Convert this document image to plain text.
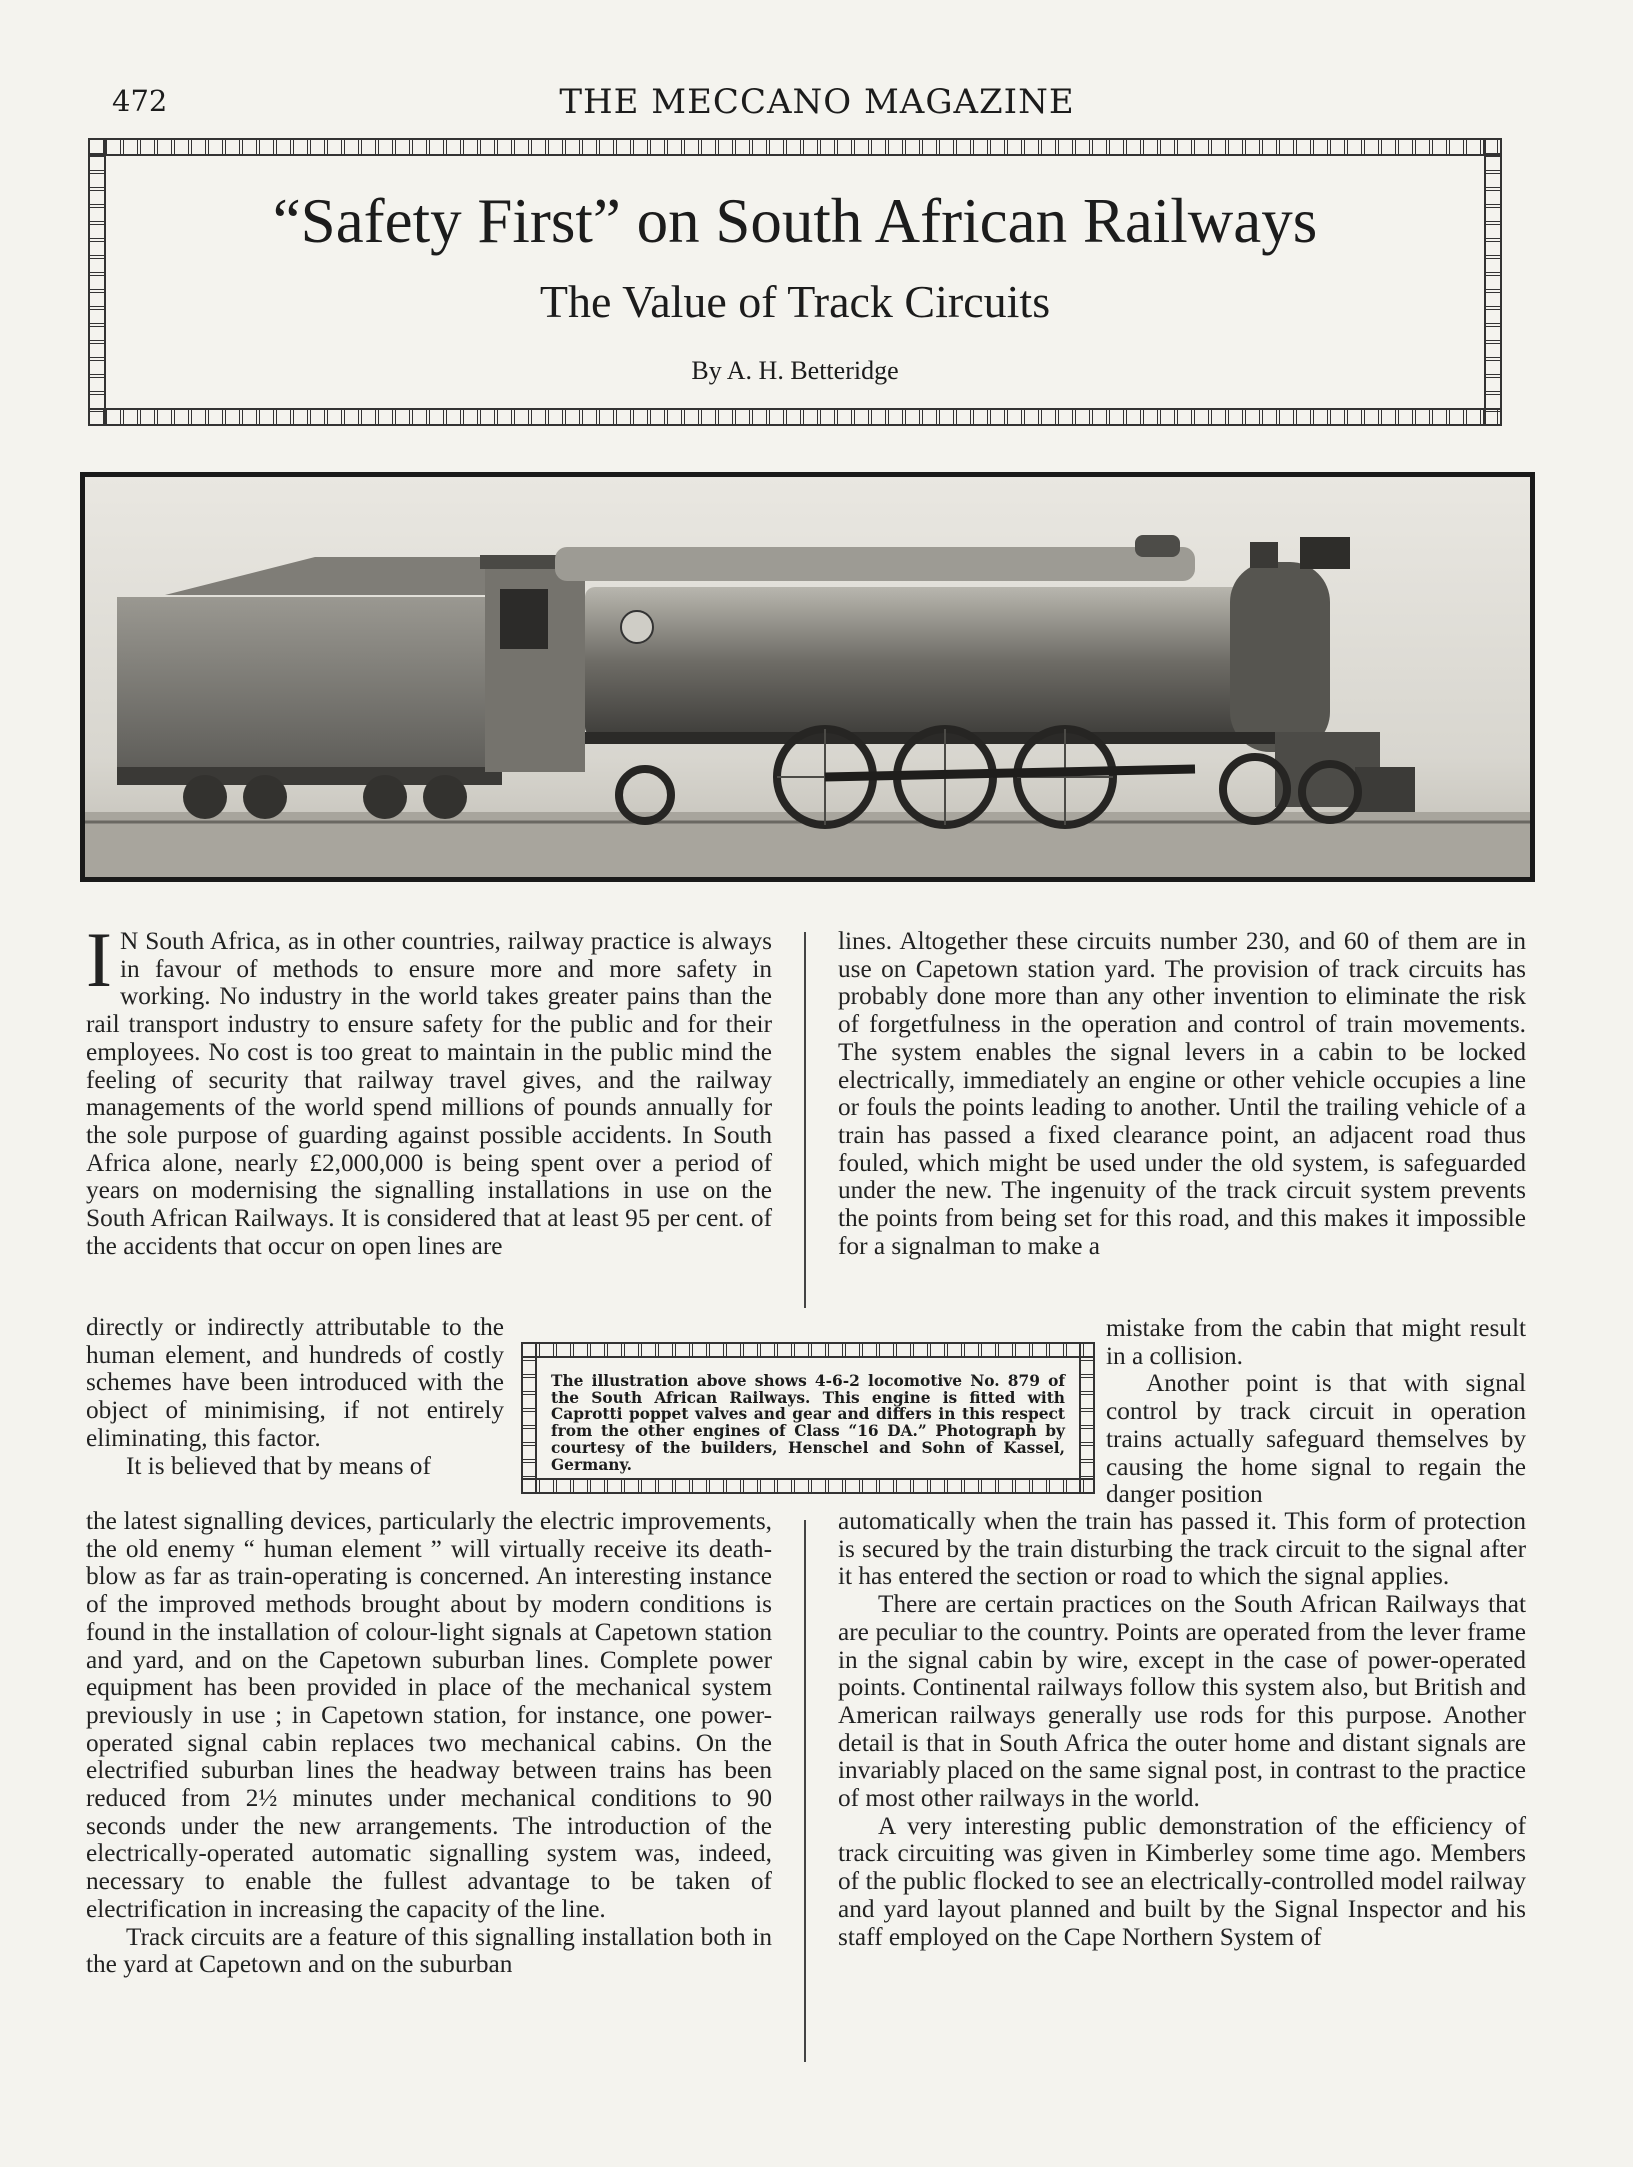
472	THE MECCANO MAGAZINE
“Safety First” on South African Railways
The Value of Track Circuits
By A. H. Betteridge

I N South Africa, as in other countries, railway practice is always in favour of methods to ensure more and more safety in working. No industry in the world takes greater pains than the rail transport industry to ensure safety for the public and for their employees. No cost is too great to maintain in the public mind the feeling of security that railway travel gives, and the railway managements of the world spend millions of pounds annually for the sole purpose of guarding against possible accidents. In South Africa alone, nearly £2,000,000 is being spent over a period of years on modernising the signalling installations in use on the South African Railways. It is considered that at least 95 per cent. of the accidents that occur on open lines are

directly or indirectly attributable to the human element, and hundreds of costly schemes have been introduced with the object of minimising, if not entirely eliminating, this factor.

It is believed that by means of

the latest signalling devices, particularly the electric improvements, the old enemy “ human element ” will virtually receive its death-blow as far as train-operating is concerned. An interesting instance of the improved methods brought about by modern conditions is found in the installation of colour-light signals at Capetown station and yard, and on the Capetown suburban lines. Complete power equipment has been provided in place of the mechanical system previously in use ; in Capetown station, for instance, one power-operated signal cabin replaces two mechanical cabins. On the electrified suburban lines the headway between trains has been reduced from 2½ minutes under mechanical conditions to 90 seconds under the new arrangements. The introduction of the electrically-operated automatic signalling system was, indeed, necessary to enable the fullest advantage to be taken of electrification in increasing the capacity of the line.

Track circuits are a feature of this signalling installation both in the yard at Capetown and on the suburban

lines. Altogether these circuits number 230, and 60 of them are in use on Capetown station yard. The provision of track circuits has probably done more than any other invention to eliminate the risk of forgetfulness in the operation and control of train movements. The system enables the signal levers in a cabin to be locked electrically, immediately an engine or other vehicle occupies a line or fouls the points leading to another. Until the trailing vehicle of a train has passed a fixed clearance point, an adjacent road thus fouled, which might be used under the old system, is safeguarded under the new. The ingenuity of the track circuit system prevents the points from being set for this road, and this makes it impossible for a signalman to make a

mistake from the cabin that might result in a collision.

Another point is that with signal control by track circuit in operation trains actually safeguard themselves by causing the home signal to regain the danger position

automatically when the train has passed it. This form of protection is secured by the train disturbing the track circuit to the signal after it has entered the section or road to which the signal applies.

There are certain practices on the South African Railways that are peculiar to the country. Points are operated from the lever frame in the signal cabin by wire, except in the case of power-operated points. Continental railways follow this system also, but British and American railways generally use rods for this purpose. Another detail is that in South Africa the outer home and distant signals are invariably placed on the same signal post, in contrast to the practice of most other railways in the world.

A very interesting public demonstration of the efficiency of track circuiting was given in Kimberley some time ago. Members of the public flocked to see an electrically-controlled model railway and yard layout planned and built by the Signal Inspector and his staff employed on the Cape Northern System of

The illustration above shows 4-6-2 locomotive No. 879 of the South African Railways. This engine is fitted with Caprotti poppet valves and gear and differs in this respect from the other engines of Class “16 DA.” Photograph by courtesy of the builders, Henschel and Sohn of Kassel, Germany.
